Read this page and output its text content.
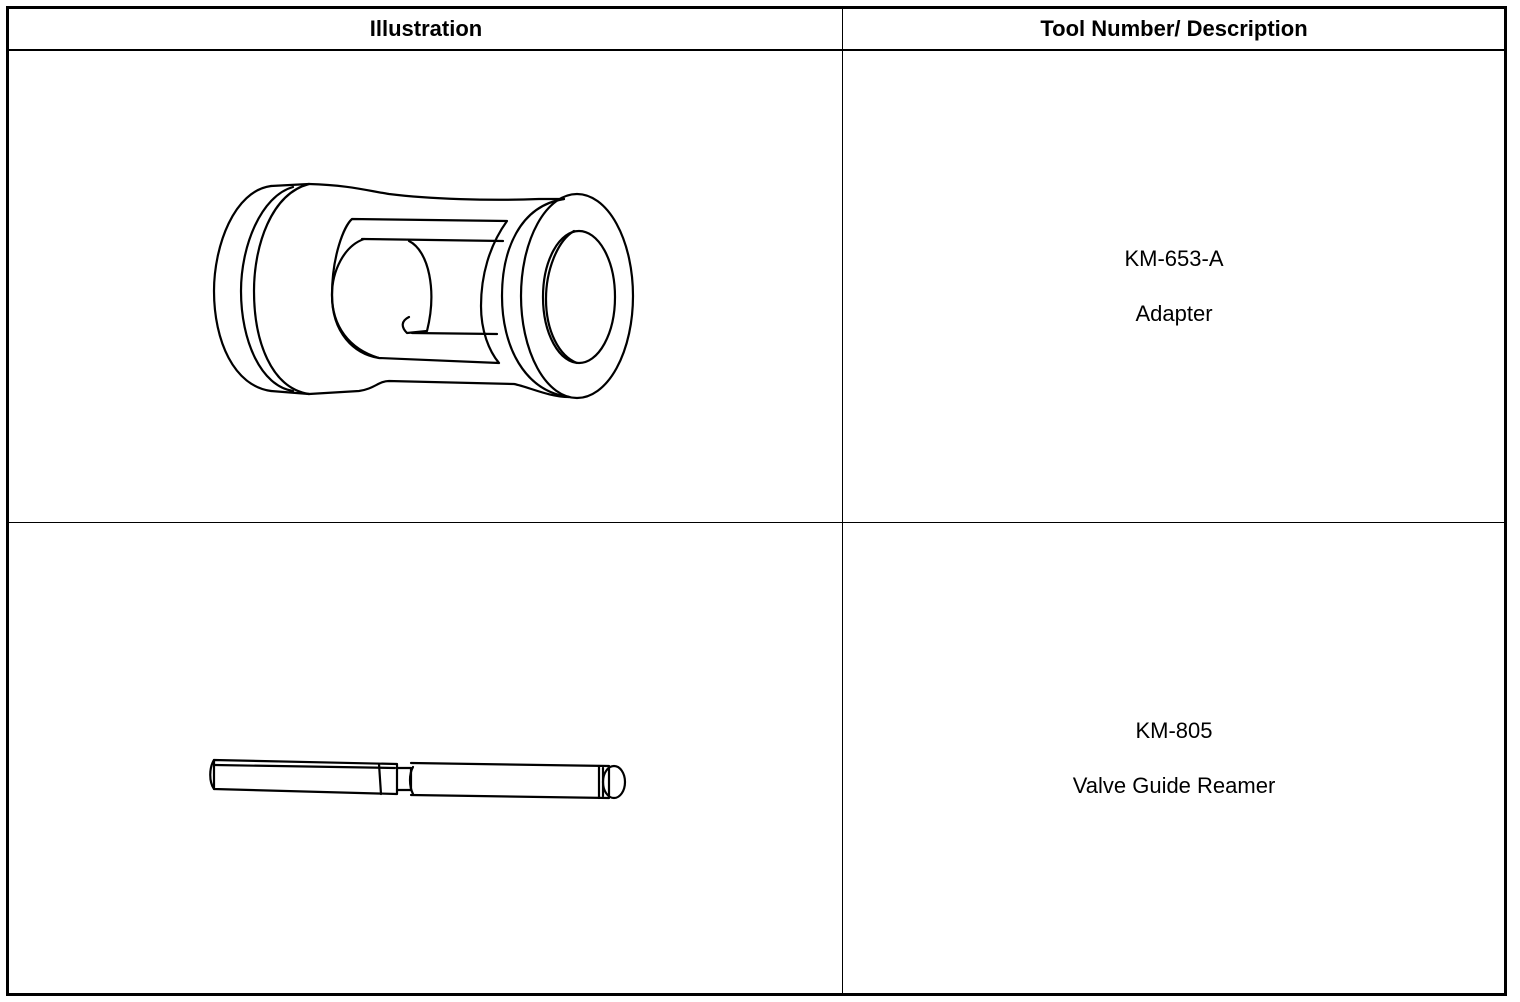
Illustration	Tool Number/ Description
KM-653-A
Adapter
KM-805
Valve Guide Reamer
